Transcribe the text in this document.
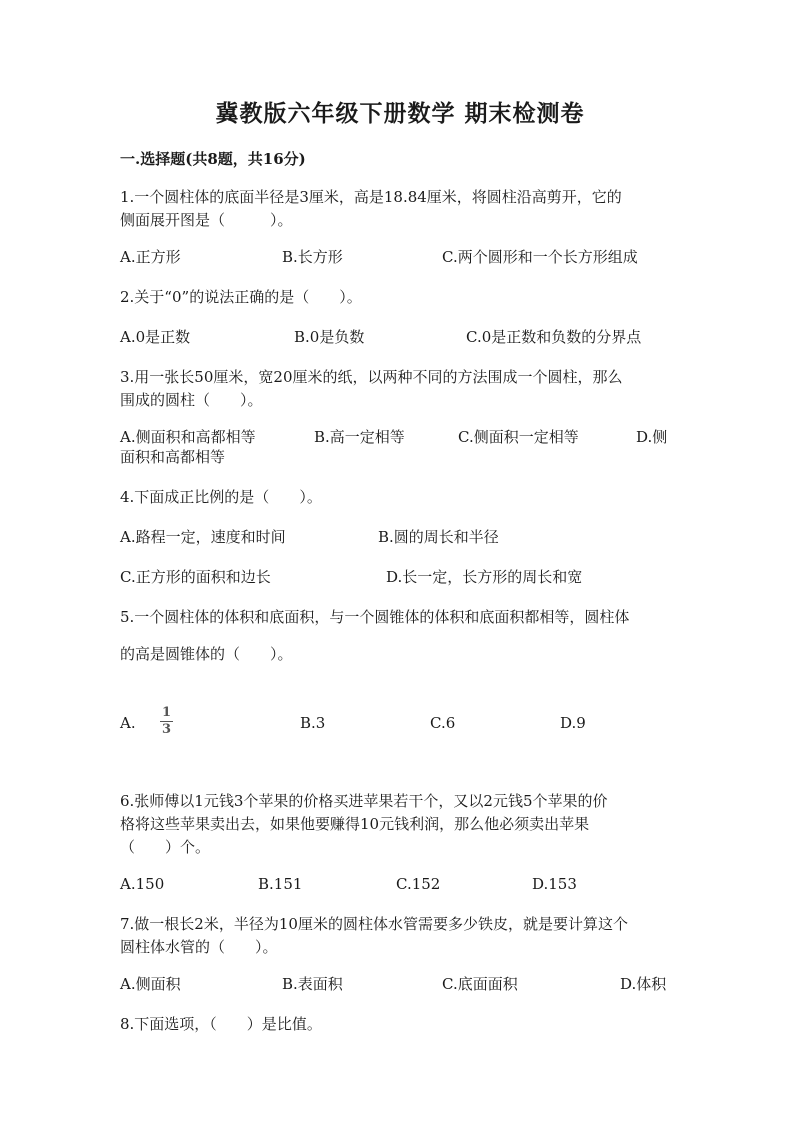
冀教版六年级下册数学 期末检测卷
一.选择题(共8题，共16分)
1.一个圆柱体的底面半径是3厘米，高是18.84厘米，将圆柱沿高剪开，它的
侧面展开图是（　　　）。
A.正方形	B.长方形	C.两个圆形和一个长方形组成
2.关于“0”的说法正确的是（　　）。
A.0是正数	B.0是负数	C.0是正数和负数的分界点
3.用一张长50厘米，宽20厘米的纸，以两种不同的方法围成一个圆柱，那么
围成的圆柱（　　）。
A.侧面积和高都相等	B.高一定相等	C.侧面积一定相等	D.侧
面积和高都相等
4.下面成正比例的是（　　）。
A.路程一定，速度和时间	B.圆的周长和半径
C.正方形的面积和边长	D.长一定，长方形的周长和宽
5.一个圆柱体的体积和底面积，与一个圆锥体的体积和底面积都相等，圆柱体
的高是圆锥体的（　　）。
A.
1
3	B.3	C.6	D.9
6.张师傅以1元钱3个苹果的价格买进苹果若干个，又以2元钱5个苹果的价
格将这些苹果卖出去，如果他要赚得10元钱利润，那么他必须卖出苹果
（　　）个。
A.150	B.151	C.152	D.153
7.做一根长2米，半径为10厘米的圆柱体水管需要多少铁皮，就是要计算这个
圆柱体水管的（　　）。
A.侧面积	B.表面积	C.底面面积	D.体积
8.下面选项，（　　）是比值。
